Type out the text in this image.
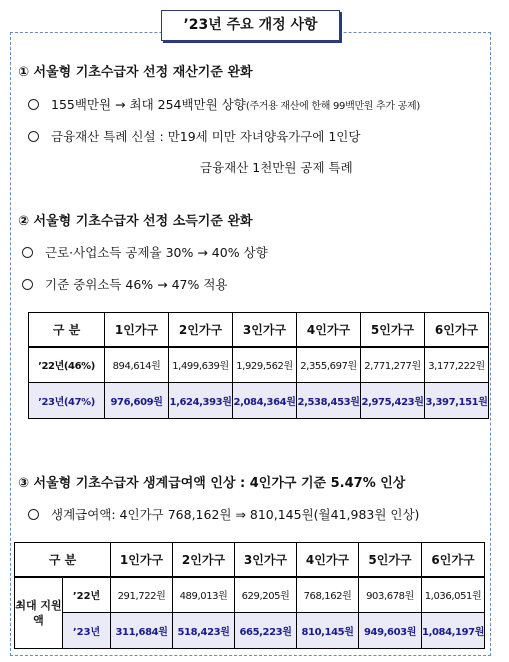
’23년 주요 개정 사항
① 서울형 기초수급자 선정 재산기준 완화
155백만원 → 최대 254백만원 상향(주거용 재산에 한해 99백만원 추가 공제)
금융재산 특례 신설 : 만19세 미만 자녀양육가구에 1인당
금융재산 1천만원 공제 특례
② 서울형 기초수급자 선정 소득기준 완화
근로·사업소득 공제율 30% → 40% 상향
기준 중위소득 46% → 47% 적용
구 분	1인가구	2인가구	3인가구	4인가구	5인가구	6인가구
’22년(46%)	894,614원	1,499,639원	1,929,562원	2,355,697원	2,771,277원	3,177,222원
’23년(47%)	976,609원	1,624,393원	2,084,364원	2,538,453원	2,975,423원	3,397,151원
③ 서울형 기초수급자 생계급여액 인상 : 4인가구 기준 5.47% 인상
생계급여액: 4인가구 768,162원 ⇒ 810,145원(월41,983원 인상)
구 분		1인가구	2인가구	3인가구	4인가구	5인가구	6인가구
최대 지원액	’22년	291,722원	489,013원	629,205원	768,162원	903,678원	1,036,051원
	’23년	311,684원	518,423원	665,223원	810,145원	949,603원	1,084,197원
